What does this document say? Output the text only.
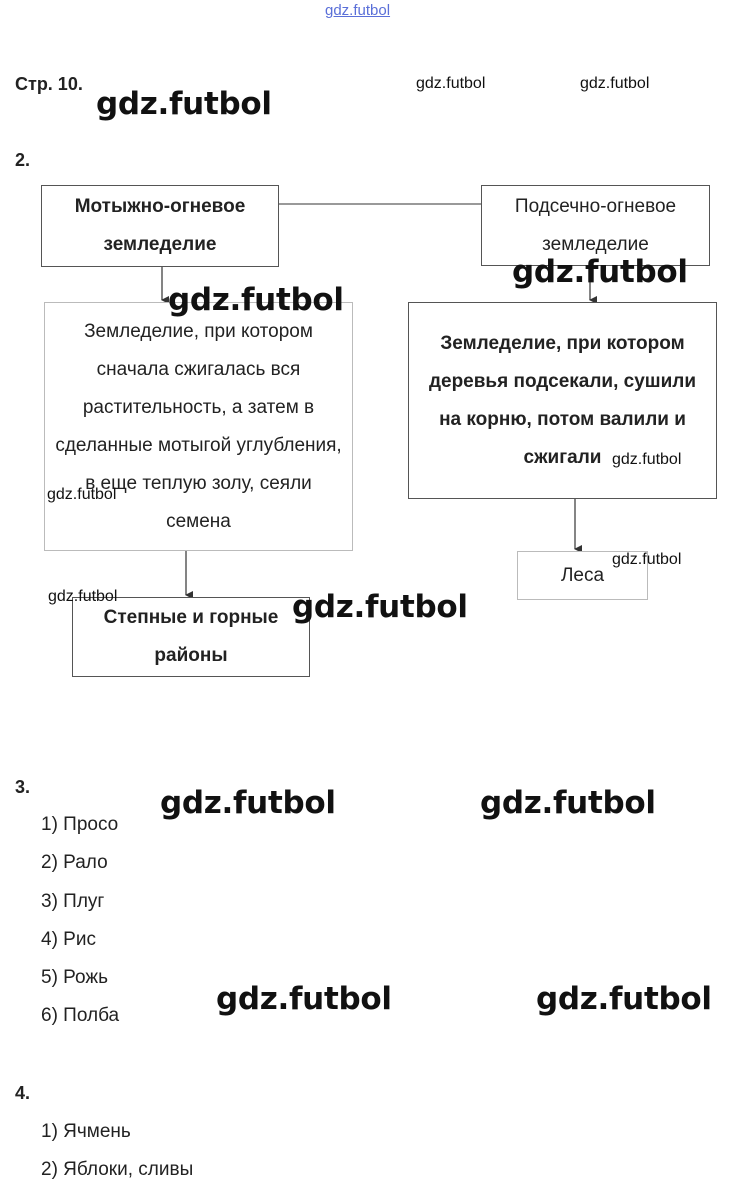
gdz.futbol
Стр. 10.
2.
Мотыжно-огневое земледелие
Подсечно-огневое земледелие
Земледелие, при котором сначала сжигалась вся растительность, а затем в сделанные мотыгой углубления, в еще теплую золу, сеяли семена
Земледелие, при котором деревья подсекали, сушили на корню, потом валили и сжигали
Степные и горные районы
Леса
3.
1) Просо
2) Рало
3) Плуг
4) Рис
5) Рожь
6) Полба
4.
1) Ячмень
2) Яблоки, сливы
gdz.futbol	gdz.futbol
gdz.futbol
gdz.futbol
gdz.futbol
gdz.futbol
gdz.futbol
gdz.futbol
gdz.futbol	gdz.futbol
gdz.futbol	gdz.futbol
gdz.futbol	gdz.futbol
